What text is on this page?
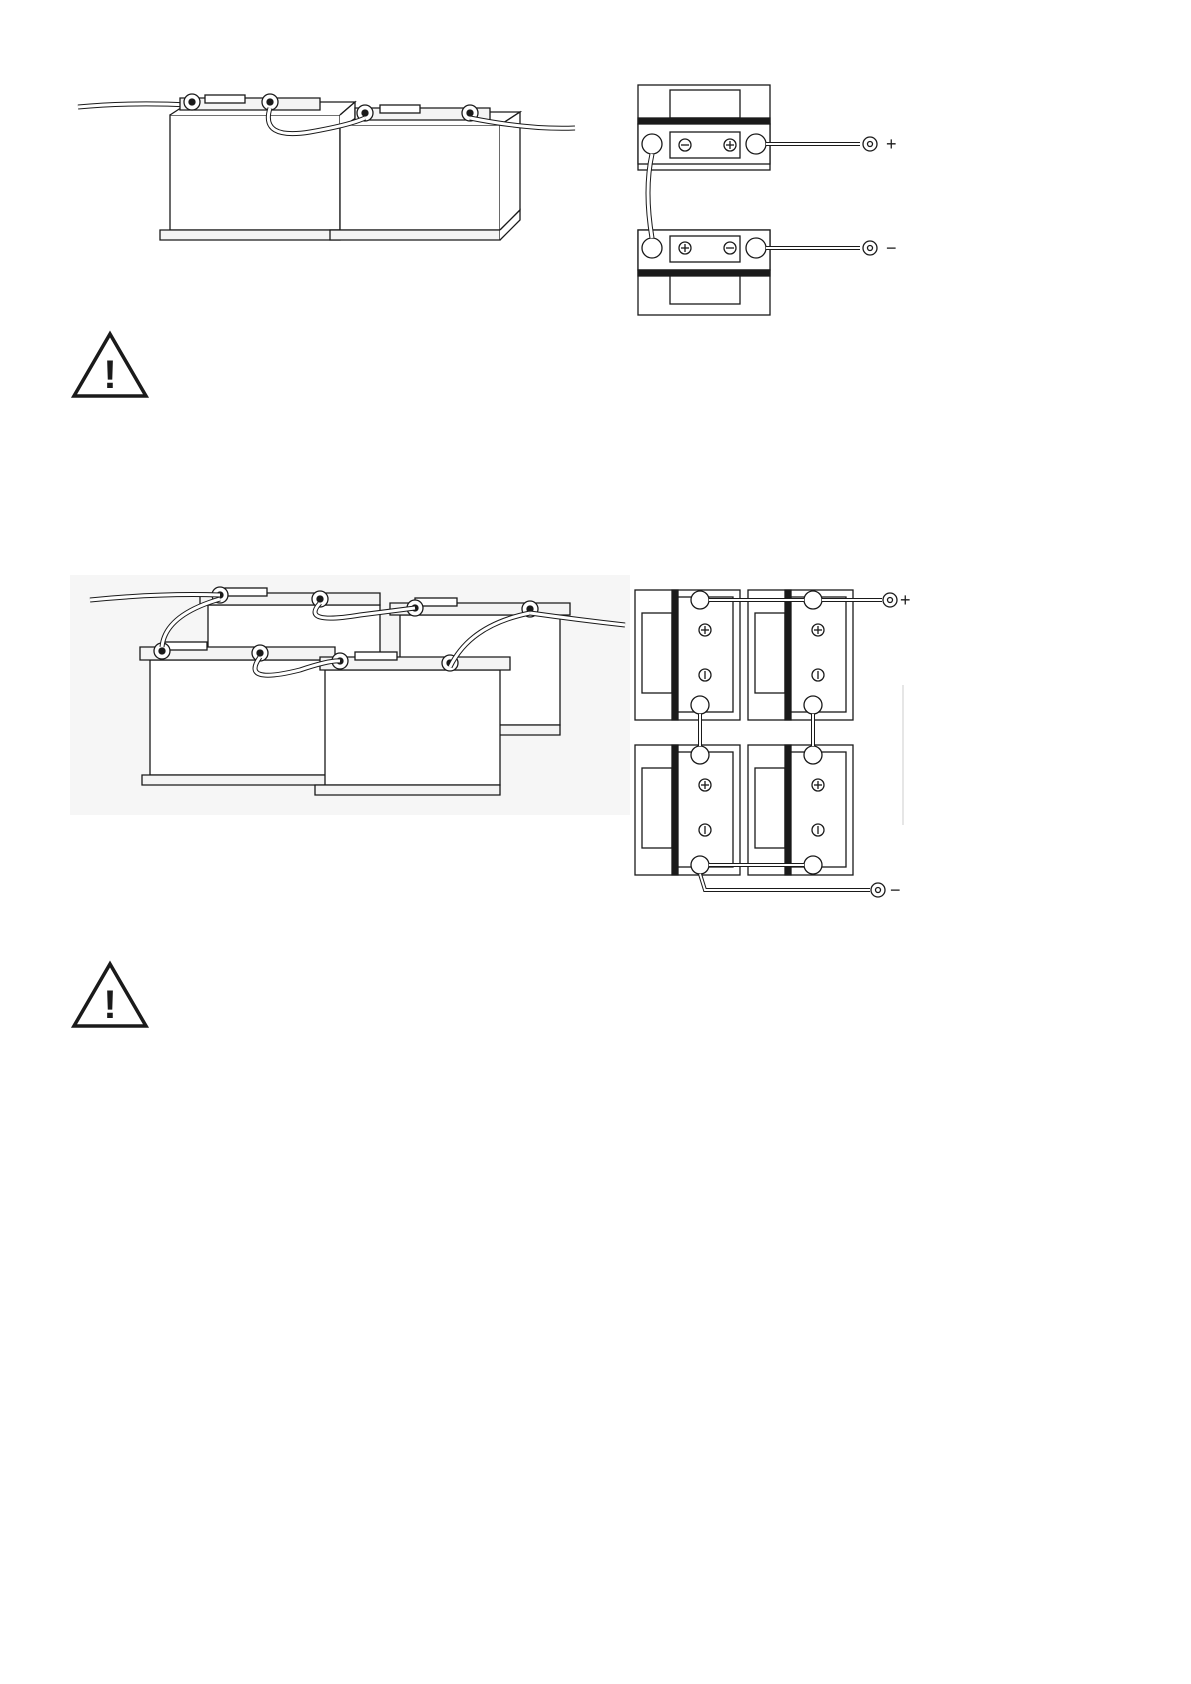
+
−
!
+
−
!
